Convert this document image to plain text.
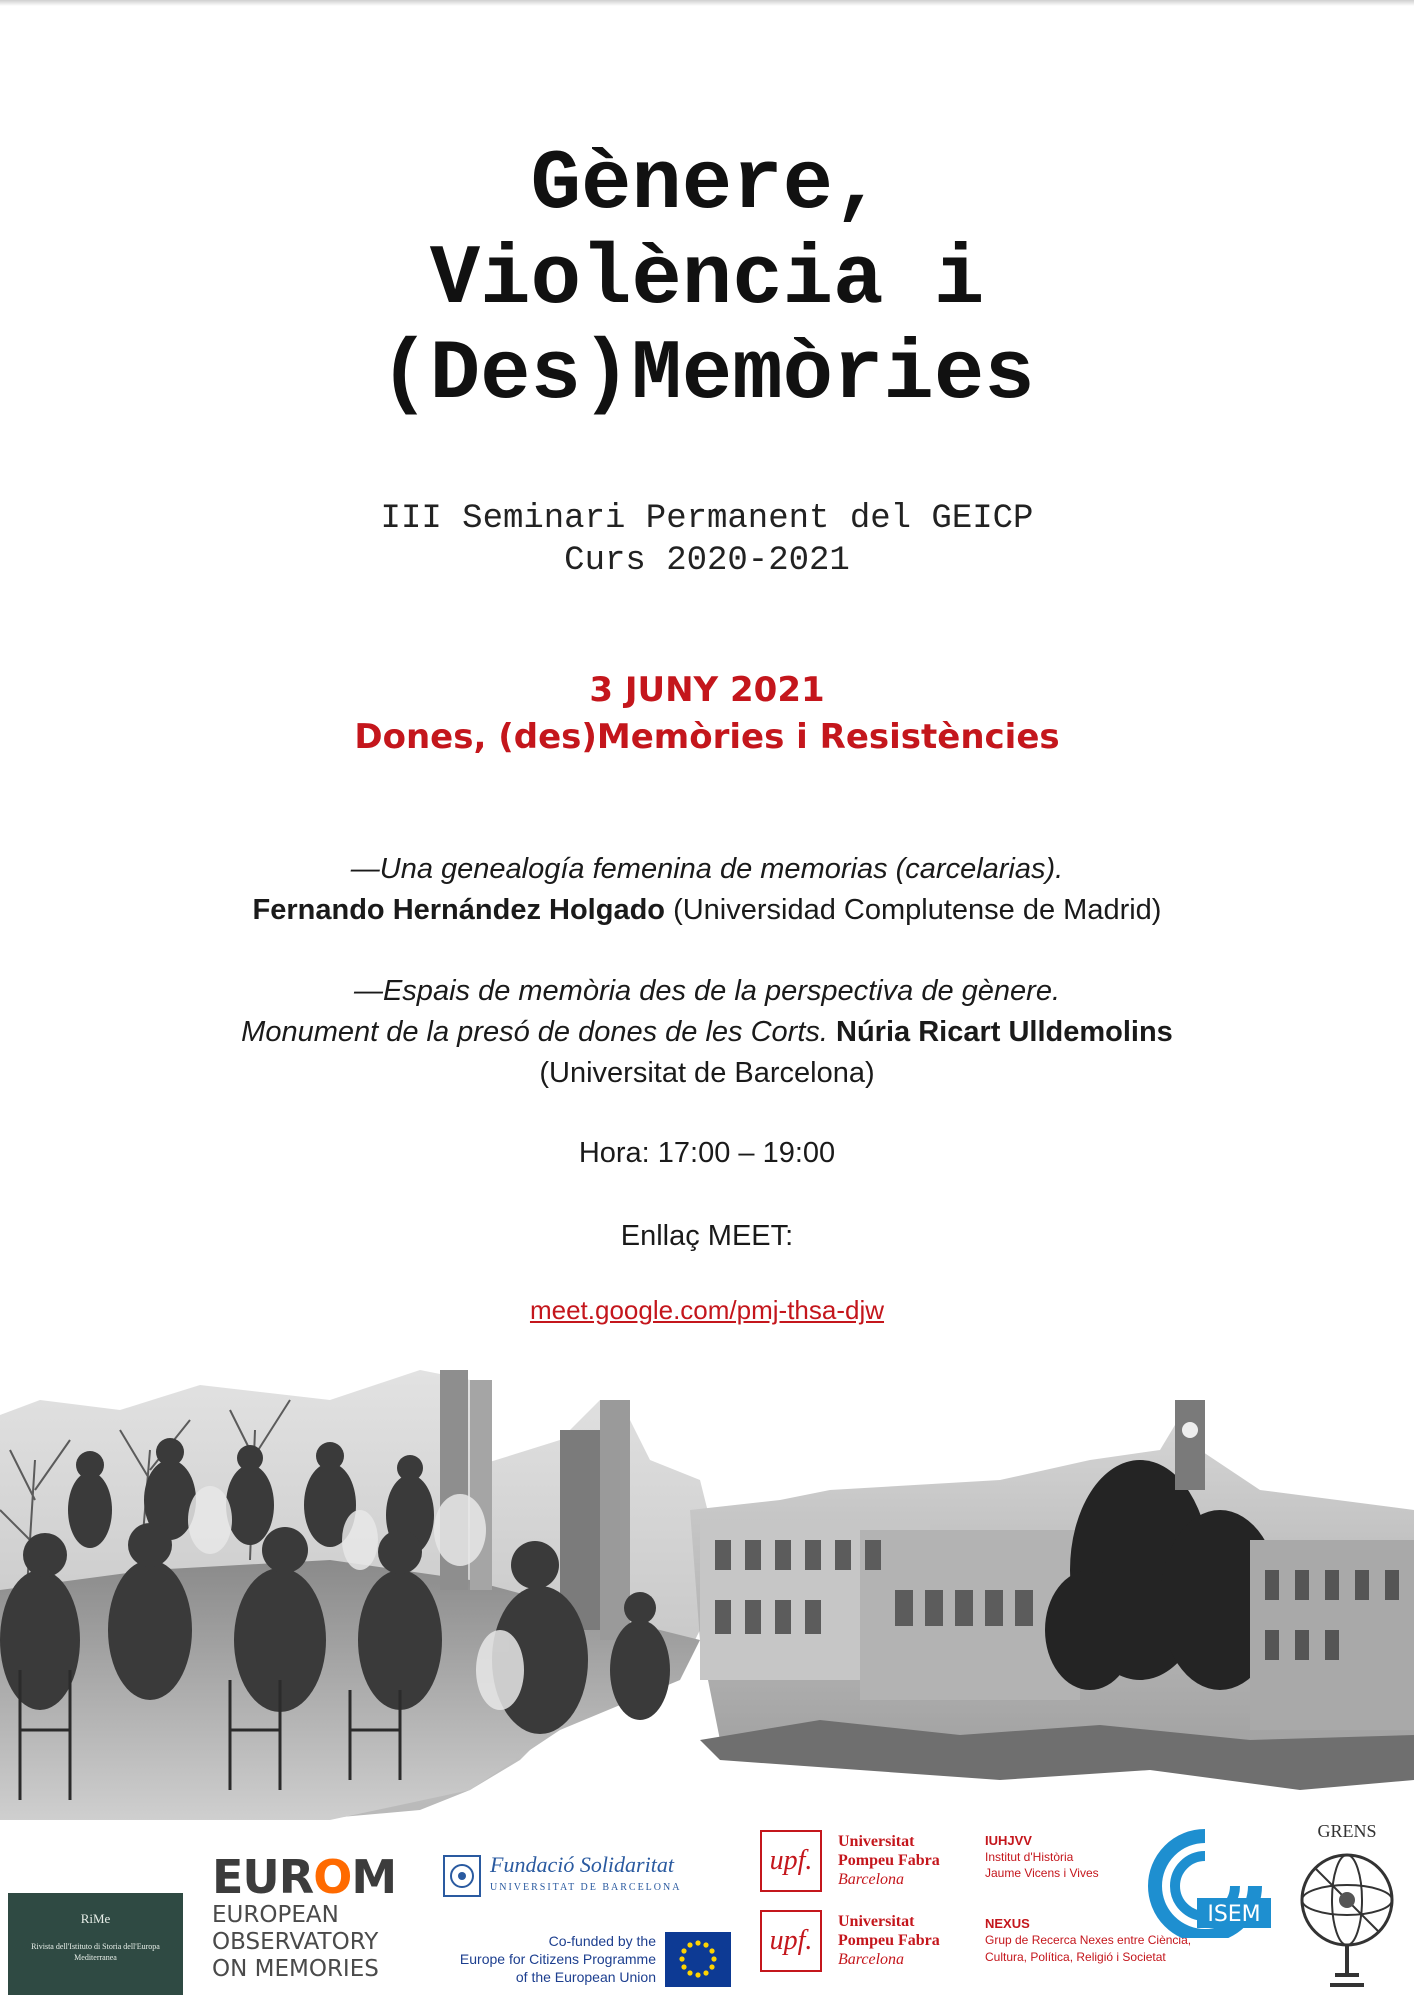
Gènere,
Violència i
(Des)Memòries
III Seminari Permanent del GEICP
Curs 2020-2021
3 JUNY 2021
Dones, (des)Memòries i Resistències
—Una genealogía femenina de memorias (carcelarias).
Fernando Hernández Holgado (Universidad Complutense de Madrid)
—Espais de memòria des de la perspectiva de gènere.
Monument de la presó de dones de les Corts. Núria Ricart Ulldemolins
(Universitat de Barcelona)
Hora: 17:00 – 19:00
Enllaç MEET:
meet.google.com/pmj-thsa-djw
RiMe
Rivista dell'Istituto di Storia dell'Europa Mediterranea
EUROM
EUROPEAN
OBSERVATORY
ON MEMORIES
Fundació Solidaritat
UNIVERSITAT DE BARCELONA
Co-funded by the
Europe for Citizens Programme
of the European Union
upf.
Universitat
Pompeu Fabra
Barcelona
upf.
Universitat
Pompeu Fabra
Barcelona
IUHJVV
Institut d'Història
Jaume Vicens i Vives
NEXUS
Grup de Recerca Nexes entre Ciència,
Cultura, Política, Religió i Societat
ISEM
GRENS
